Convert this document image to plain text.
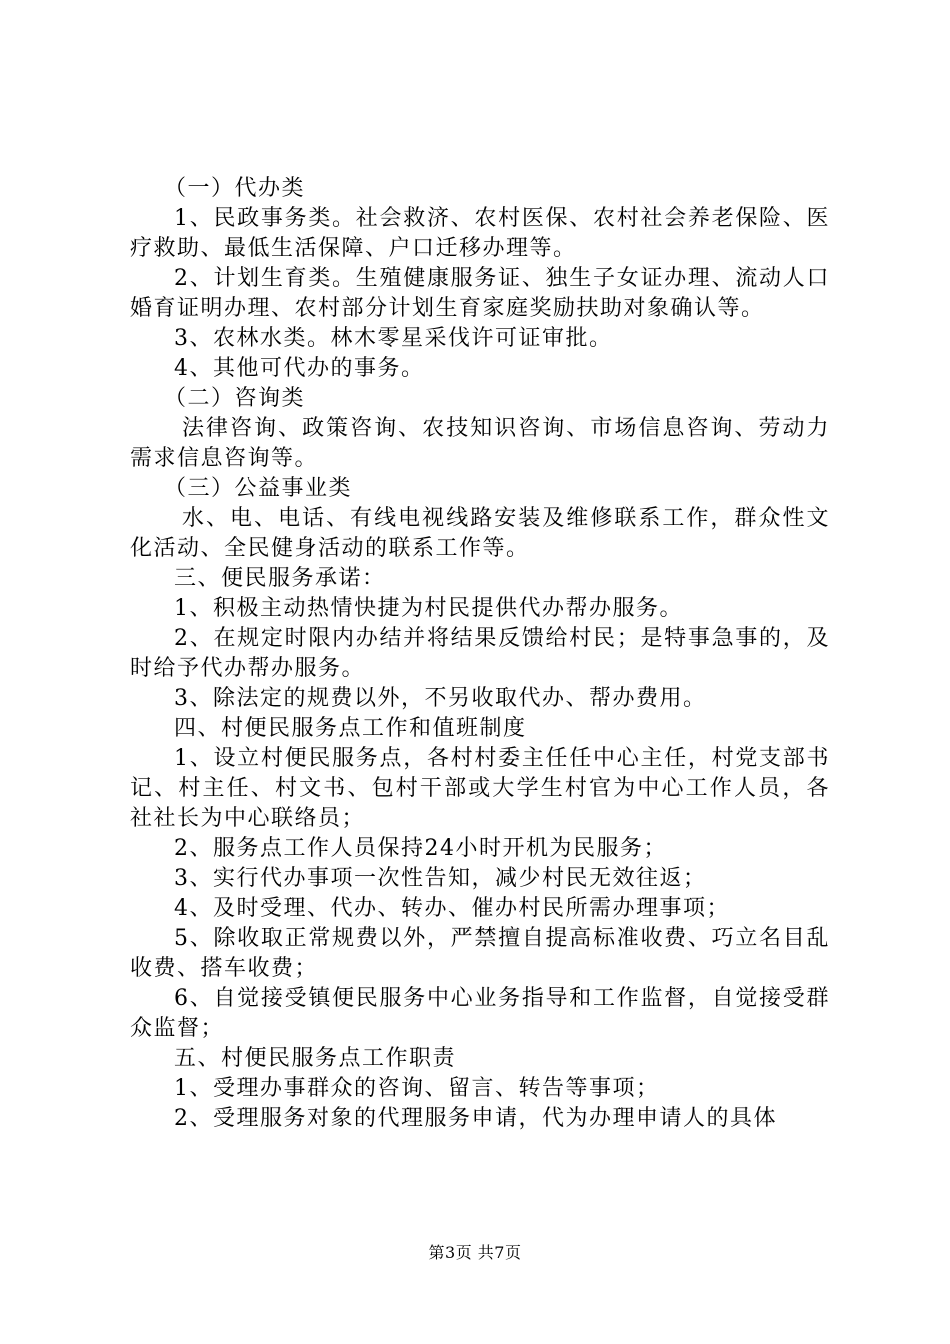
（一）代办类

1、民政事务类。社会救济、农村医保、农村社会养老保险、医疗救助、最低生活保障、户口迁移办理等。

2、计划生育类。生殖健康服务证、独生子女证办理、流动人口婚育证明办理、农村部分计划生育家庭奖励扶助对象确认等。

3、农林水类。林木零星采伐许可证审批。

4、其他可代办的事务。

（二）咨询类

法律咨询、政策咨询、农技知识咨询、市场信息咨询、劳动力需求信息咨询等。

（三）公益事业类

水、电、电话、有线电视线路安装及维修联系工作，群众性文化活动、全民健身活动的联系工作等。

三、便民服务承诺：

1、积极主动热情快捷为村民提供代办帮办服务。

2、在规定时限内办结并将结果反馈给村民；是特事急事的，及时给予代办帮办服务。

3、除法定的规费以外，不另收取代办、帮办费用。

四、村便民服务点工作和值班制度

1、设立村便民服务点，各村村委主任任中心主任，村党支部书记、村主任、村文书、包村干部或大学生村官为中心工作人员，各社社长为中心联络员；

2、服务点工作人员保持24小时开机为民服务；

3、实行代办事项一次性告知，减少村民无效往返；

4、及时受理、代办、转办、催办村民所需办理事项；

5、除收取正常规费以外，严禁擅自提高标准收费、巧立名目乱收费、搭车收费；

6、自觉接受镇便民服务中心业务指导和工作监督，自觉接受群众监督；

五、村便民服务点工作职责

1、受理办事群众的咨询、留言、转告等事项；

2、受理服务对象的代理服务申请，代为办理申请人的具体

第3页 共7页
